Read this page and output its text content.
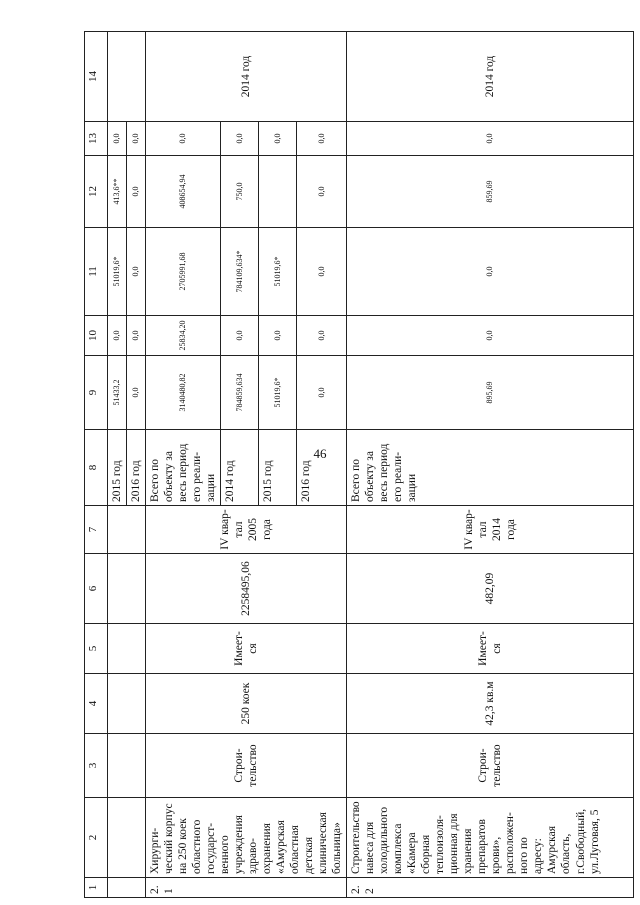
46
1	2	3	4	5	6	7	8	9	10	11	12	13	14
							2015 год	51433,2	0,0	51019,6*	413,6**	0,0	
							2016 год	0,0	0,0	0,0	0,0	0,0	
2.1	Хирурги-ческий корпус на 250 коек областного государст-венного учреждения здраво-охранения «Амурская областная детская клиническая больница»	Строи-тельство	250 коек	Имеет-ся	2258495,06	IV квар-тал 2005 года	Всего по объекту за весь период его реали-зации	3140480,82	25834,20	2705991,68	408654,94	0,0	2014 год
							2014 год	784859,634	0,0	784109,634*	750,0	0,0	
							2015 год	51019,6*	0,0	51019,6*		0,0	
							2016 год	0,0	0,0	0,0	0,0	0,0	
2.2	Строительство навеса для холодильного комплекса «Камера сборная теплоизоля-ционная для хранения препаратов крови», расположен-ного по адресу: Амурская область, г.Свободный, ул.Луговая, 5	Строи-тельство	42,3 кв.м	Имеет-ся	482,09	IV квар-тал 2014 года	Всего по объекту за весь период его реали-зации	895,69	0,0	0,0	859,69	0,0	2014 год
